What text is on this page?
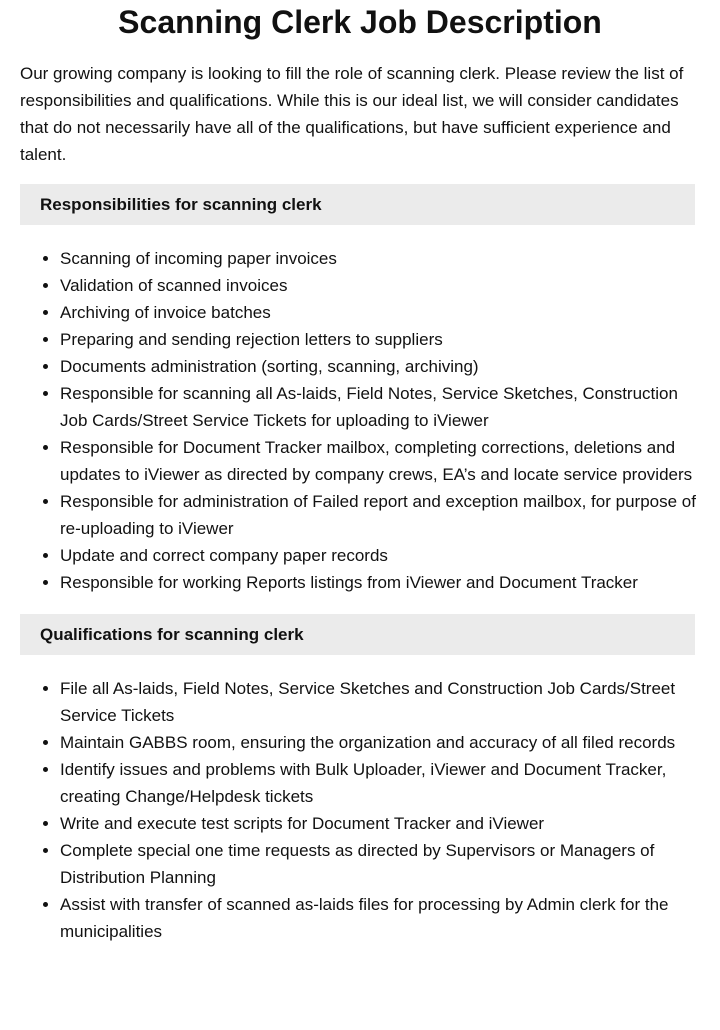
Scanning Clerk Job Description

Our growing company is looking to fill the role of scanning clerk. Please review the list of responsibilities and qualifications. While this is our ideal list, we will consider candidates that do not necessarily have all of the qualifications, but have sufficient experience and talent.

Responsibilities for scanning clerk
• Scanning of incoming paper invoices
• Validation of scanned invoices
• Archiving of invoice batches
• Preparing and sending rejection letters to suppliers
• Documents administration (sorting, scanning, archiving)
• Responsible for scanning all As-laids, Field Notes, Service Sketches, Construction Job Cards/Street Service Tickets for uploading to iViewer
• Responsible for Document Tracker mailbox, completing corrections, deletions and updates to iViewer as directed by company crews, EA’s and locate service providers
• Responsible for administration of Failed report and exception mailbox, for purpose of re-uploading to iViewer
• Update and correct company paper records
• Responsible for working Reports listings from iViewer and Document Tracker
Qualifications for scanning clerk
• File all As-laids, Field Notes, Service Sketches and Construction Job Cards/Street Service Tickets
• Maintain GABBS room, ensuring the organization and accuracy of all filed records
• Identify issues and problems with Bulk Uploader, iViewer and Document Tracker, creating Change/Helpdesk tickets
• Write and execute test scripts for Document Tracker and iViewer
• Complete special one time requests as directed by Supervisors or Managers of Distribution Planning
• Assist with transfer of scanned as-laids files for processing by Admin clerk for the municipalities
